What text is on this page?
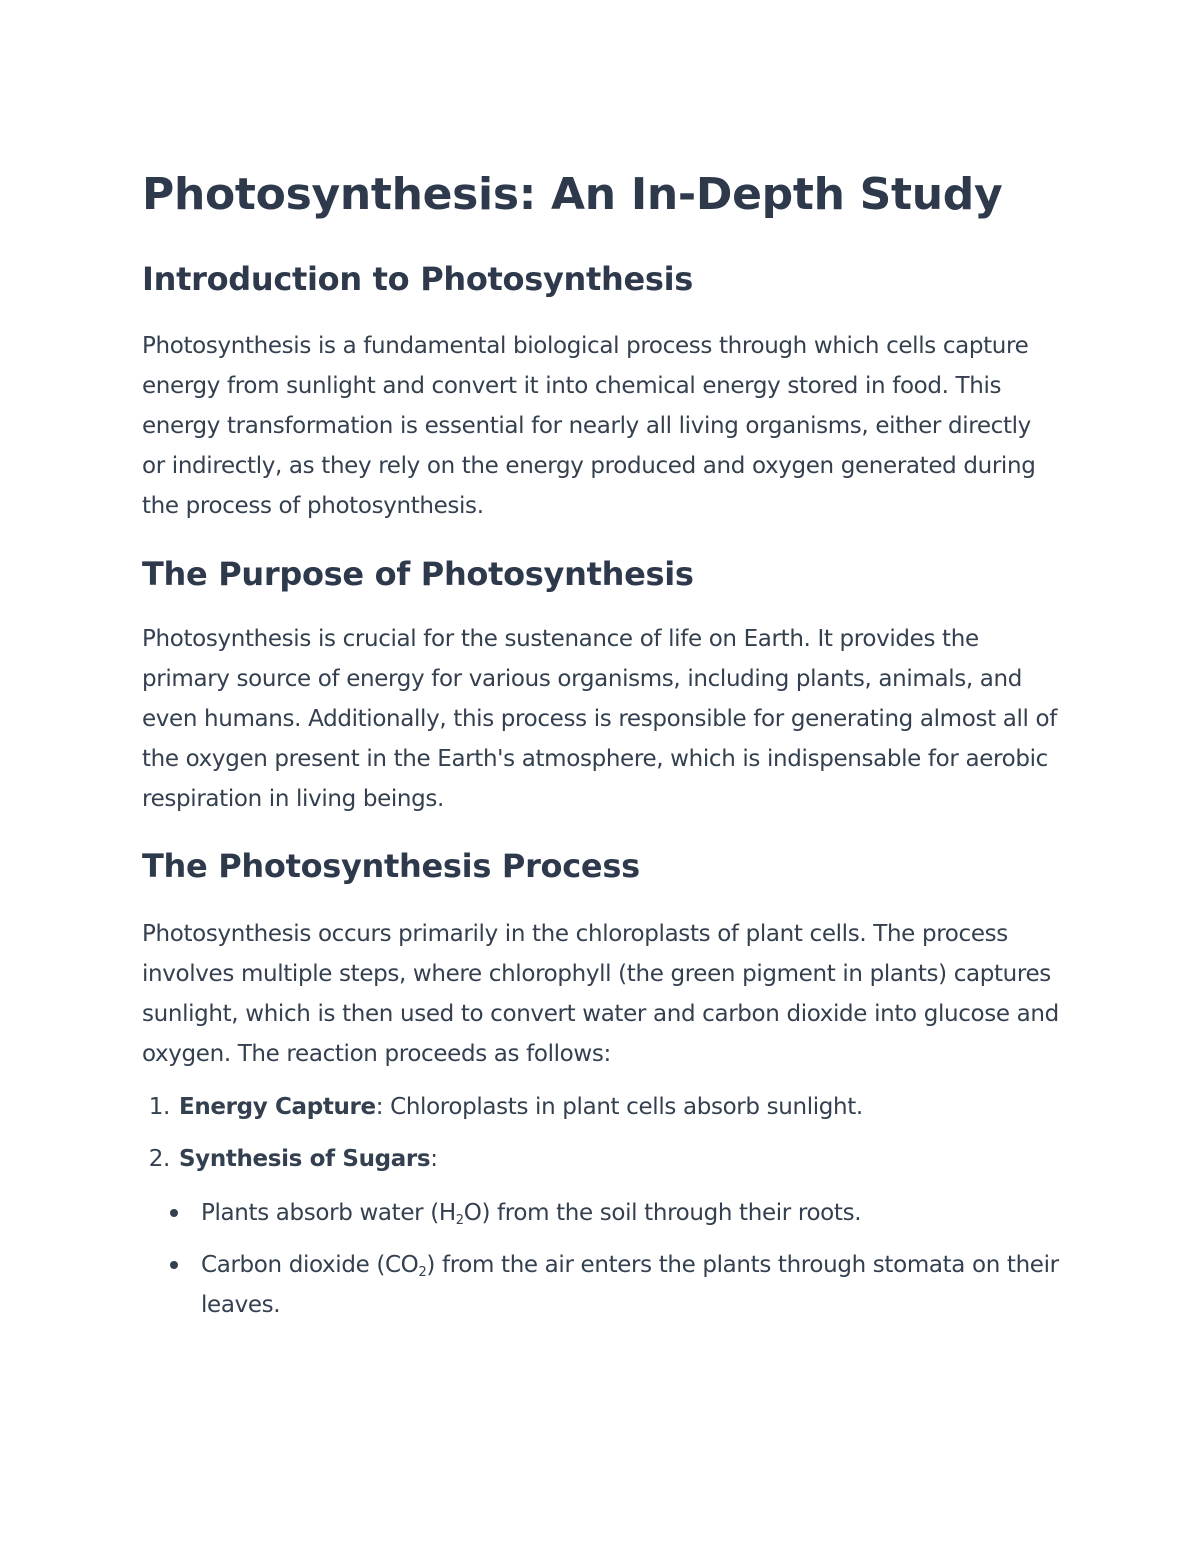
Photosynthesis: An In-Depth Study
Introduction to Photosynthesis

Photosynthesis is a fundamental biological process through which cells capture energy from sunlight and convert it into chemical energy stored in food. This energy transformation is essential for nearly all living organisms, either directly or indirectly, as they rely on the energy produced and oxygen generated during the process of photosynthesis.

The Purpose of Photosynthesis

Photosynthesis is crucial for the sustenance of life on Earth. It provides the primary source of energy for various organisms, including plants, animals, and even humans. Additionally, this process is responsible for generating almost all of the oxygen present in the Earth's atmosphere, which is indispensable for aerobic respiration in living beings.

The Photosynthesis Process

Photosynthesis occurs primarily in the chloroplasts of plant cells. The process involves multiple steps, where chlorophyll (the green pigment in plants) captures sunlight, which is then used to convert water and carbon dioxide into glucose and oxygen. The reaction proceeds as follows:

1. Energy Capture: Chloroplasts in plant cells absorb sunlight.
2. Synthesis of Sugars:
Plants absorb water $(H_2O)$ from the soil through their roots.
Carbon dioxide $(CO_2)$ from the air enters the plants through stomata on their leaves.
